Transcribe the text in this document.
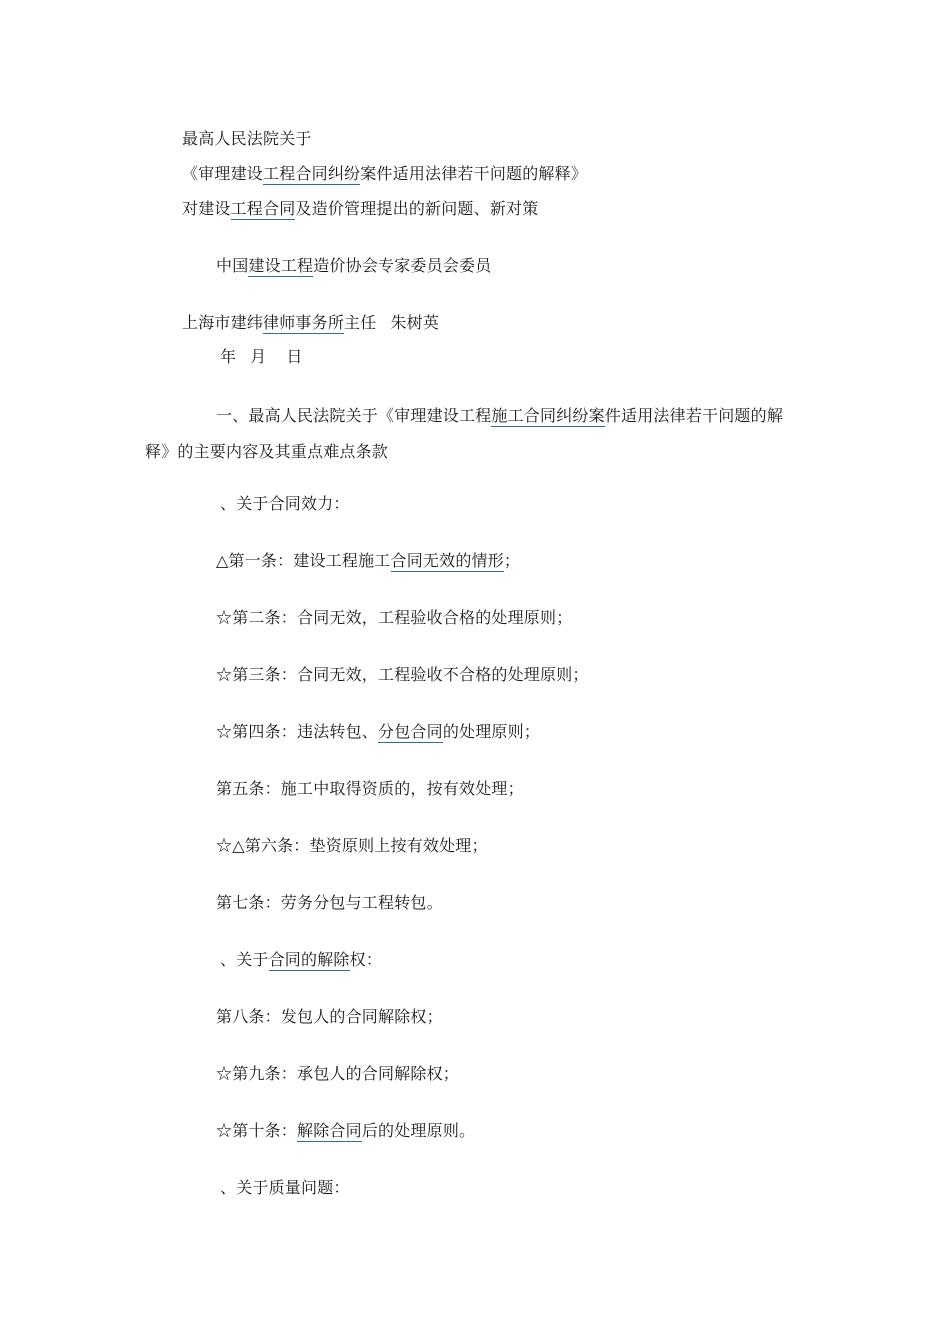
最高人民法院关于
《审理建设工程合同纠纷案件适用法律若干问题的解释》
对建设工程合同及造价管理提出的新问题、新对策
中国建设工程造价协会专家委员会委员
上海市建纬律师事务所主任 朱树英
年 月 日
一、最高人民法院关于《审理建设工程施工合同纠纷案件适用法律若干问题的解释》的主要内容及其重点难点条款
、关于合同效力：
△第一条：建设工程施工合同无效的情形；
☆第二条：合同无效，工程验收合格的处理原则；
☆第三条：合同无效，工程验收不合格的处理原则；
☆第四条：违法转包、分包合同的处理原则；
第五条：施工中取得资质的，按有效处理；
☆△第六条：垫资原则上按有效处理；
第七条：劳务分包与工程转包。
、关于合同的解除权：
第八条：发包人的合同解除权；
☆第九条：承包人的合同解除权；
☆第十条：解除合同后的处理原则。
、关于质量问题：
